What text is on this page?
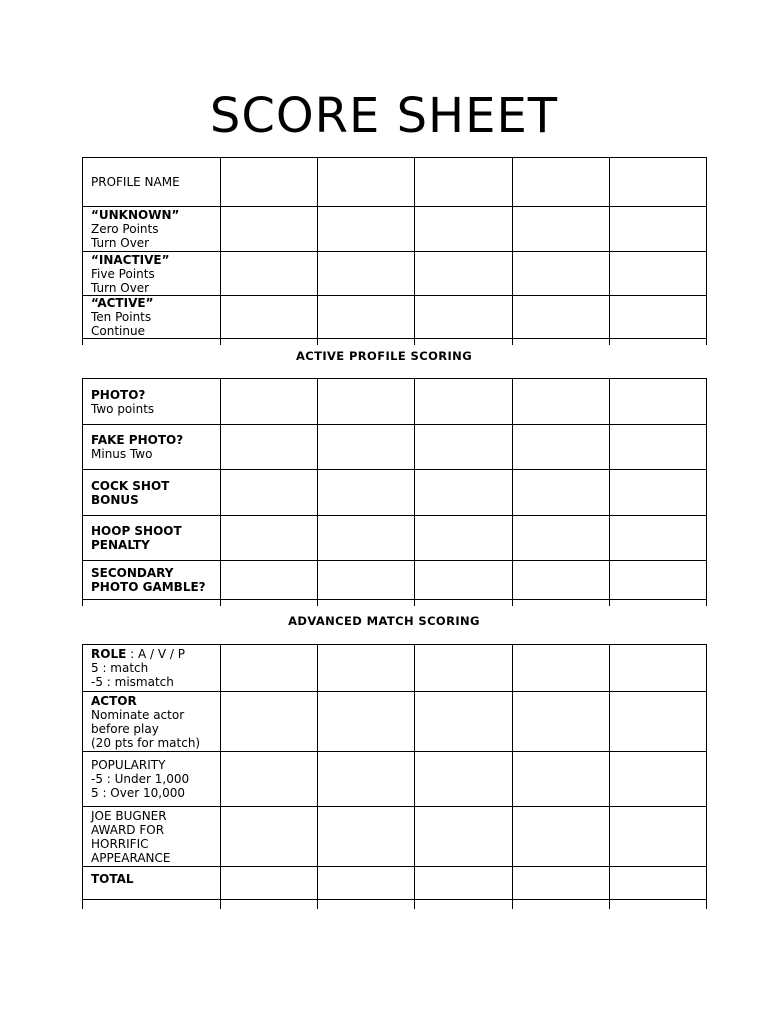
SCORE SHEET
PROFILE NAME					

“UNKNOWN”
Zero Points
Turn Over					

“INACTIVE”
Five Points
Turn Over					

“ACTIVE”
Ten Points
Continue					

ACTIVE PROFILE SCORING
PHOTO?
Two points					

FAKE PHOTO?
Minus Two					

COCK SHOT
BONUS					

HOOP SHOOT
PENALTY					

SECONDARY
PHOTO GAMBLE?					

ADVANCED MATCH SCORING
ROLE : A / V / P
5 : match
-5 : mismatch					

ACTOR
Nominate actor
before play
(20 pts for match)					

POPULARITY
-5 : Under 1,000
5 : Over 10,000					

JOE BUGNER
AWARD FOR
HORRIFIC
APPEARANCE					

TOTAL					
